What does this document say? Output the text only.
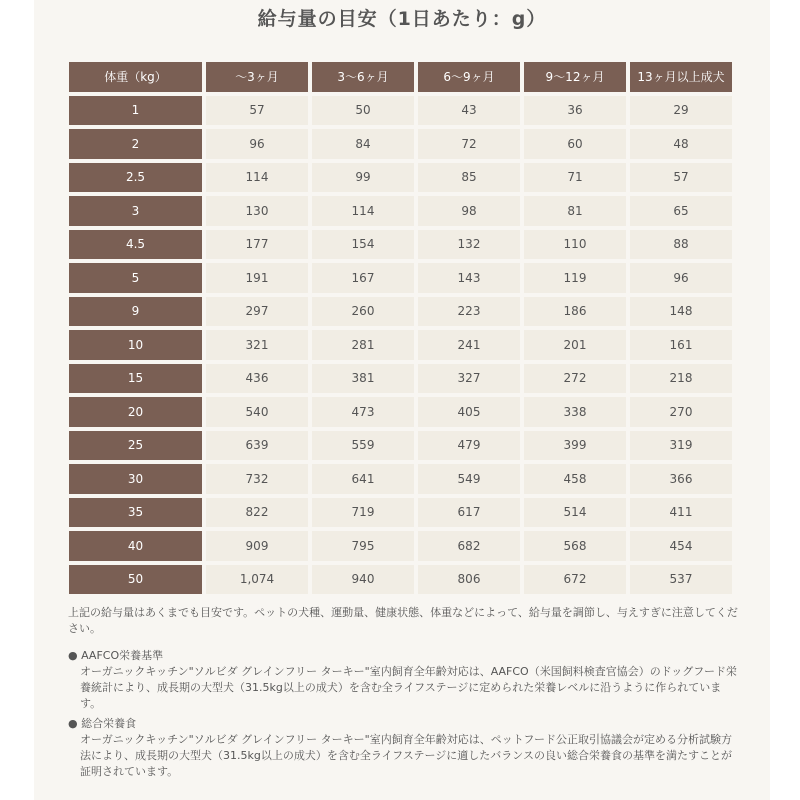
給与量の目安（1日あたり：g）
体重（kg）	〜3ヶ月	3〜6ヶ月	6〜9ヶ月	9〜12ヶ月	13ヶ月以上成犬
1	57	50	43	36	29
2	96	84	72	60	48
2.5	114	99	85	71	57
3	130	114	98	81	65
4.5	177	154	132	110	88
5	191	167	143	119	96
9	297	260	223	186	148
10	321	281	241	201	161
15	436	381	327	272	218
20	540	473	405	338	270
25	639	559	479	399	319
30	732	641	549	458	366
35	822	719	617	514	411
40	909	795	682	568	454
50	1,074	940	806	672	537

上記の給与量はあくまでも目安です。ペットの犬種、運動量、健康状態、体重などによって、給与量を調節し、与えすぎに注意してください。

● AAFCO栄養基準
オーガニックキッチン"ソルビダ グレインフリー ターキー"室内飼育全年齢対応は、AAFCO（米国飼料検査官協会）のドッグフード栄養統計により、成長期の大型犬（31.5kg以上の成犬）を含む全ライフステージに定められた栄養レベルに沿うように作られています。
● 総合栄養食
オーガニックキッチン"ソルビダ グレインフリー ターキー"室内飼育全年齢対応は、ペットフード公正取引協議会が定める分析試験方法により、成長期の大型犬（31.5kg以上の成犬）を含む全ライフステージに適したバランスの良い総合栄養食の基準を満たすことが証明されています。
